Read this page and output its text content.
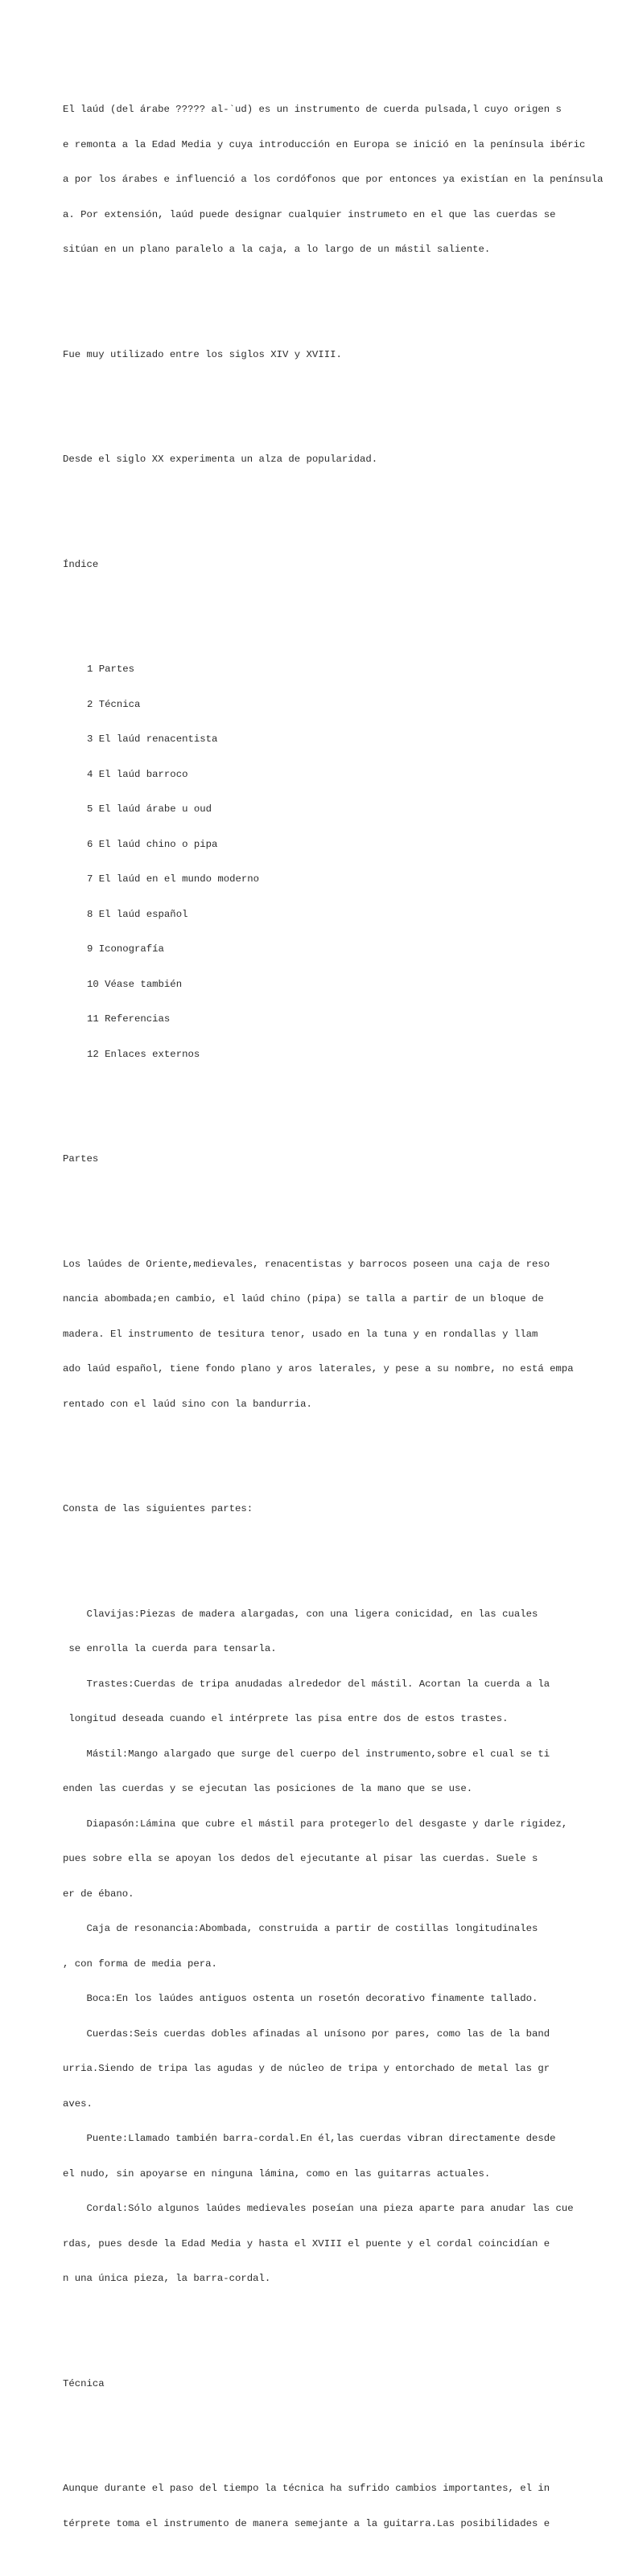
El laúd (del árabe ????? al-`ud) es un instrumento de cuerda pulsada,l cuyo origen s

e remonta a la Edad Media y cuya introducción en Europa se inició en la península ibéric

a por los árabes e influenció a los cordófonos que por entonces ya existían en la península

a. Por extensión, laúd puede designar cualquier instrumeto en el que las cuerdas se

sitúan en un plano paralelo a la caja, a lo largo de un mástil saliente.

Fue muy utilizado entre los siglos XIV y XVIII.

Desde el siglo XX experimenta un alza de popularidad.

Índice

1 Partes

2 Técnica

3 El laúd renacentista

4 El laúd barroco

5 El laúd árabe u oud

6 El laúd chino o pipa

7 El laúd en el mundo moderno

8 El laúd español

9 Iconografía

10 Véase también

11 Referencias

12 Enlaces externos

Partes

Los laúdes de Oriente,medievales, renacentistas y barrocos poseen una caja de reso

nancia abombada;en cambio, el laúd chino (pipa) se talla a partir de un bloque de

madera. El instrumento de tesitura tenor, usado en la tuna y en rondallas y llam

ado laúd español, tiene fondo plano y aros laterales, y pese a su nombre, no está empa

rentado con el laúd sino con la bandurria.

Consta de las siguientes partes:

Clavijas:Piezas de madera alargadas, con una ligera conicidad, en las cuales

se enrolla la cuerda para tensarla.

Trastes:Cuerdas de tripa anudadas alrededor del mástil. Acortan la cuerda a la

longitud deseada cuando el intérprete las pisa entre dos de estos trastes.

Mástil:Mango alargado que surge del cuerpo del instrumento,sobre el cual se ti

enden las cuerdas y se ejecutan las posiciones de la mano que se use.

Diapasón:Lámina que cubre el mástil para protegerlo del desgaste y darle rigidez,

pues sobre ella se apoyan los dedos del ejecutante al pisar las cuerdas. Suele s

er de ébano.

Caja de resonancia:Abombada, construida a partir de costillas longitudinales

, con forma de media pera.

Boca:En los laúdes antiguos ostenta un rosetón decorativo finamente tallado.

Cuerdas:Seis cuerdas dobles afinadas al unísono por pares, como las de la band

urria.Siendo de tripa las agudas y de núcleo de tripa y entorchado de metal las gr

aves.

Puente:Llamado también barra-cordal.En él,las cuerdas vibran directamente desde

el nudo, sin apoyarse en ninguna lámina, como en las guitarras actuales.

Cordal:Sólo algunos laúdes medievales poseían una pieza aparte para anudar las cue

rdas, pues desde la Edad Media y hasta el XVIII el puente y el cordal coincidían e

n una única pieza, la barra-cordal.

Técnica

Aunque durante el paso del tiempo la técnica ha sufrido cambios importantes, el in

térprete toma el instrumento de manera semejante a la guitarra.Las posibilidades e
